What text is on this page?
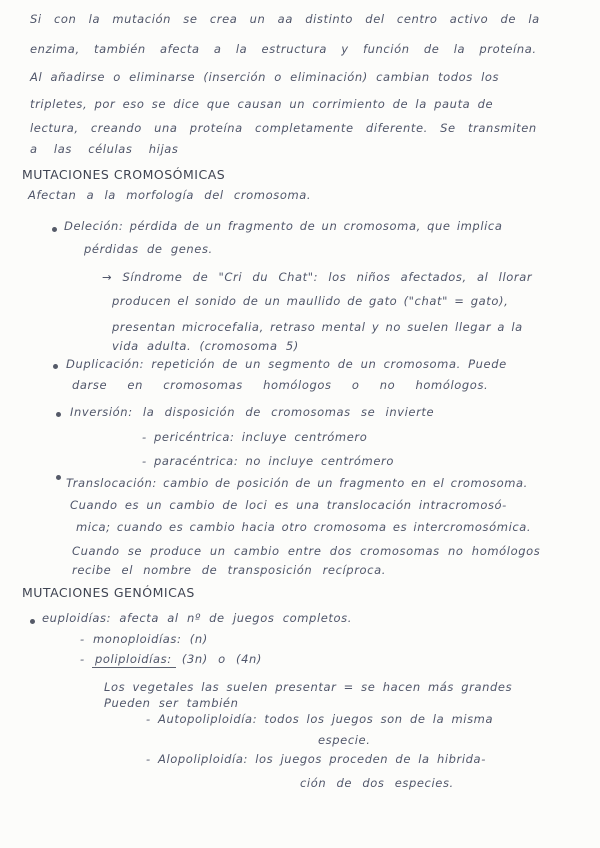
Si con la mutación se crea un aa distinto del centro activo de la
enzima, también afecta a la estructura y función de la proteína.
Al añadirse o eliminarse (inserción o eliminación) cambian todos los
tripletes, por eso se dice que causan un corrimiento de la pauta de
lectura, creando una proteína completamente diferente. Se transmiten
a las células hijas
MUTACIONES CROMOSÓMICAS
Afectan a la morfología del cromosoma.
Deleción: pérdida de un fragmento de un cromosoma, que implica
pérdidas de genes.
→ Síndrome de "Cri du Chat": los niños afectados, al llorar
producen el sonido de un maullido de gato ("chat" = gato),
presentan microcefalia, retraso mental y no suelen llegar a la
vida adulta. (cromosoma 5)
Duplicación: repetición de un segmento de un cromosoma. Puede
darse en cromosomas homólogos o no homólogos.
Inversión: la disposición de cromosomas se invierte
- pericéntrica: incluye centrómero
- paracéntrica: no incluye centrómero
Translocación: cambio de posición de un fragmento en el cromosoma.
Cuando es un cambio de loci es una translocación intracromosó-
mica; cuando es cambio hacia otro cromosoma es intercromosómica.
Cuando se produce un cambio entre dos cromosomas no homólogos
recibe el nombre de transposición recíproca.
MUTACIONES GENÓMICAS
euploidías: afecta al nº de juegos completos.
- monoploidías: (n)
- poliploidías: (3n) o (4n)
Los vegetales las suelen presentar = se hacen más grandes
Pueden ser también
- Autopoliploidía: todos los juegos son de la misma
especie.
- Alopoliploidía: los juegos proceden de la hibrida-
ción de dos especies.
